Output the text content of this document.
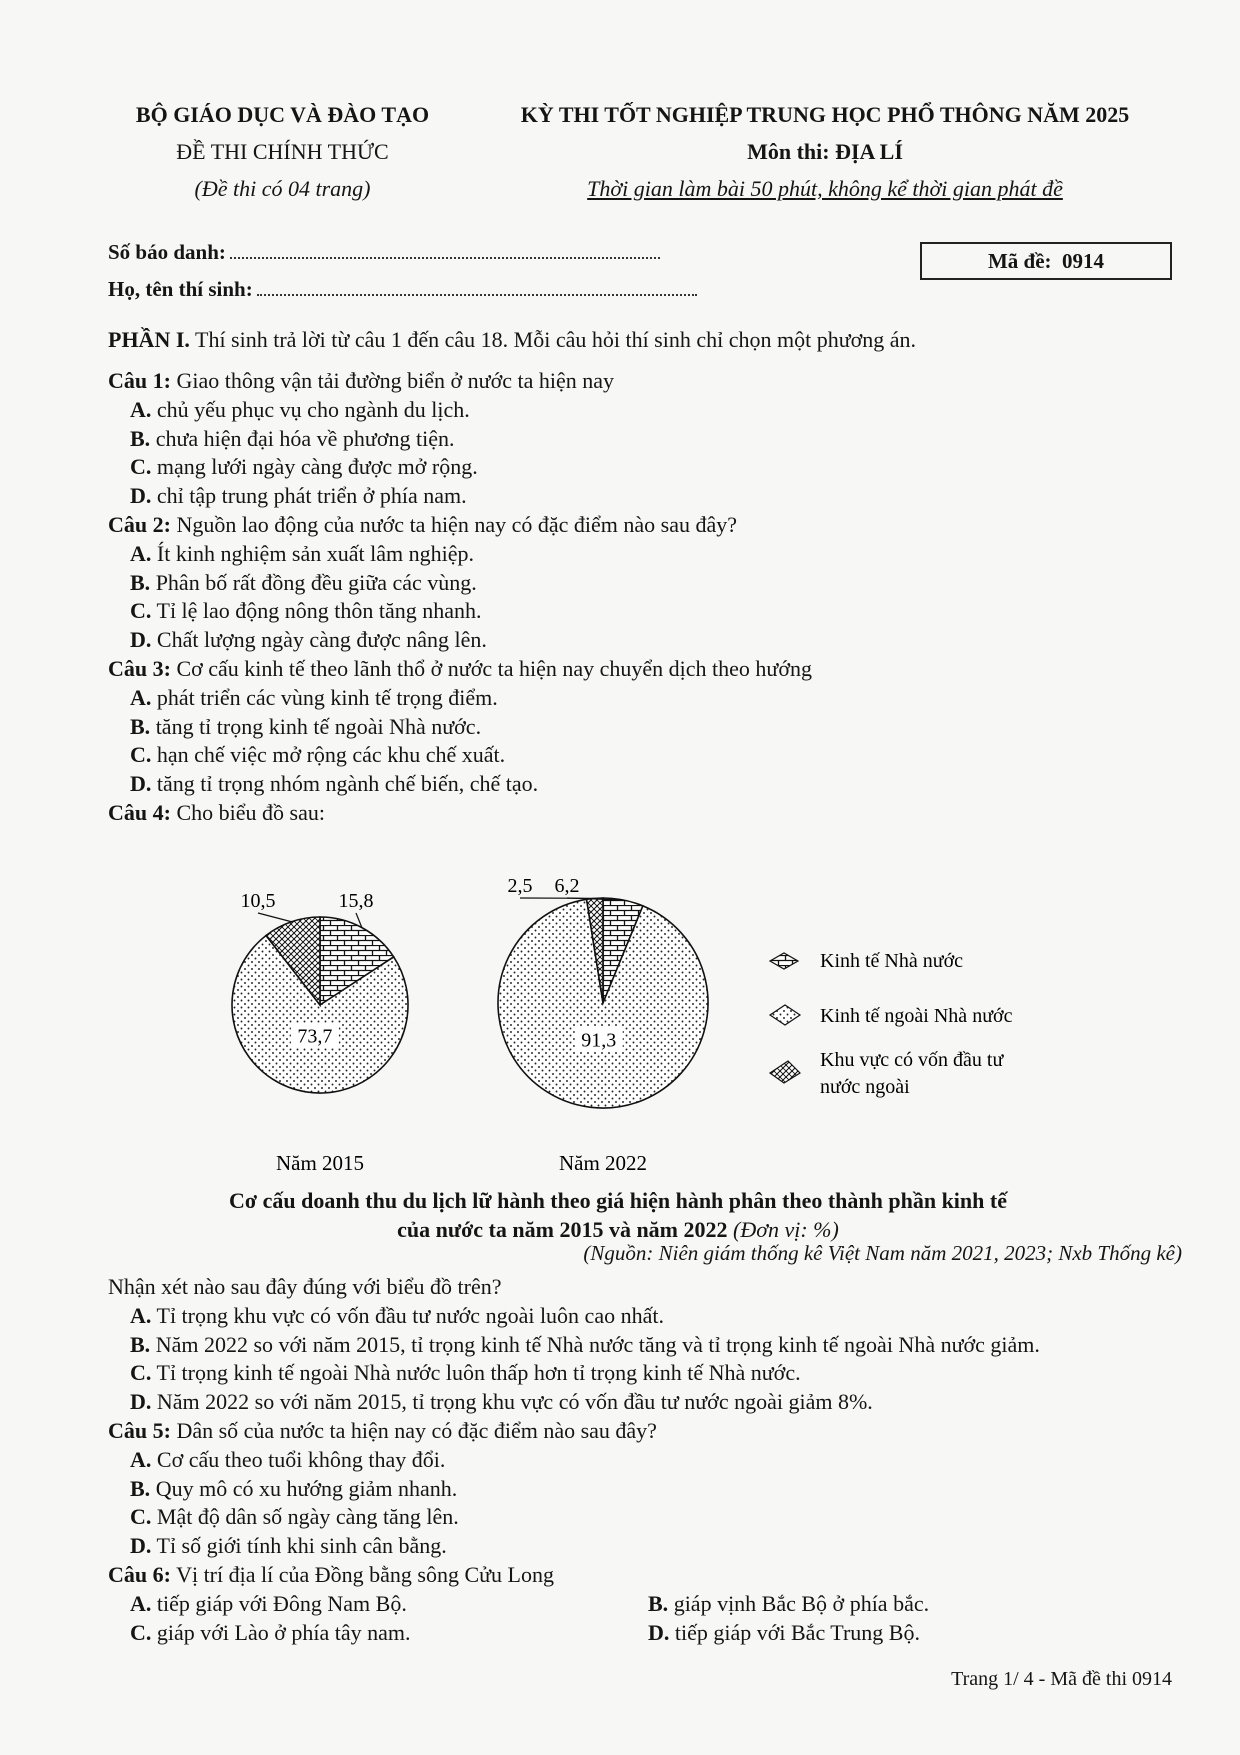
BỘ GIÁO DỤC VÀ ĐÀO TẠO
ĐỀ THI CHÍNH THỨC
(Đề thi có 04 trang)
KỲ THI TỐT NGHIỆP TRUNG HỌC PHỔ THÔNG NĂM 2025
Môn thi: ĐỊA LÍ
Thời gian làm bài 50 phút, không kể thời gian phát đề
Số báo danh:
Họ, tên thí sinh:
Mã đề: 0914
PHẦN I. Thí sinh trả lời từ câu 1 đến câu 18. Mỗi câu hỏi thí sinh chỉ chọn một phương án.
Câu 1: Giao thông vận tải đường biển ở nước ta hiện nay
A. chủ yếu phục vụ cho ngành du lịch.
B. chưa hiện đại hóa về phương tiện.
C. mạng lưới ngày càng được mở rộng.
D. chỉ tập trung phát triển ở phía nam.
Câu 2: Nguồn lao động của nước ta hiện nay có đặc điểm nào sau đây?
A. Ít kinh nghiệm sản xuất lâm nghiệp.
B. Phân bố rất đồng đều giữa các vùng.
C. Tỉ lệ lao động nông thôn tăng nhanh.
D. Chất lượng ngày càng được nâng lên.
Câu 3: Cơ cấu kinh tế theo lãnh thổ ở nước ta hiện nay chuyển dịch theo hướng
A. phát triển các vùng kinh tế trọng điểm.
B. tăng tỉ trọng kinh tế ngoài Nhà nước.
C. hạn chế việc mở rộng các khu chế xuất.
D. tăng tỉ trọng nhóm ngành chế biến, chế tạo.
Câu 4: Cho biểu đồ sau:
15,8
73,7
10,5
6,2
91,3
2,5
Năm 2015	Năm 2022
Kinh tế Nhà nước
Kinh tế ngoài Nhà nước
Khu vực có vốn đầu tư
nước ngoài
Cơ cấu doanh thu du lịch lữ hành theo giá hiện hành phân theo thành phần kinh tế
của nước ta năm 2015 và năm 2022 (Đơn vị: %)
(Nguồn: Niên giám thống kê Việt Nam năm 2021, 2023; Nxb Thống kê)
Nhận xét nào sau đây đúng với biểu đồ trên?
A. Tỉ trọng khu vực có vốn đầu tư nước ngoài luôn cao nhất.
B. Năm 2022 so với năm 2015, tỉ trọng kinh tế Nhà nước tăng và tỉ trọng kinh tế ngoài Nhà nước giảm.
C. Tỉ trọng kinh tế ngoài Nhà nước luôn thấp hơn tỉ trọng kinh tế Nhà nước.
D. Năm 2022 so với năm 2015, tỉ trọng khu vực có vốn đầu tư nước ngoài giảm 8%.
Câu 5: Dân số của nước ta hiện nay có đặc điểm nào sau đây?
A. Cơ cấu theo tuổi không thay đổi.
B. Quy mô có xu hướng giảm nhanh.
C. Mật độ dân số ngày càng tăng lên.
D. Tỉ số giới tính khi sinh cân bằng.
Câu 6: Vị trí địa lí của Đồng bằng sông Cửu Long
A. tiếp giáp với Đông Nam Bộ.	B. giáp vịnh Bắc Bộ ở phía bắc.
C. giáp với Lào ở phía tây nam.	D. tiếp giáp với Bắc Trung Bộ.
Trang 1/ 4 - Mã đề thi 0914
